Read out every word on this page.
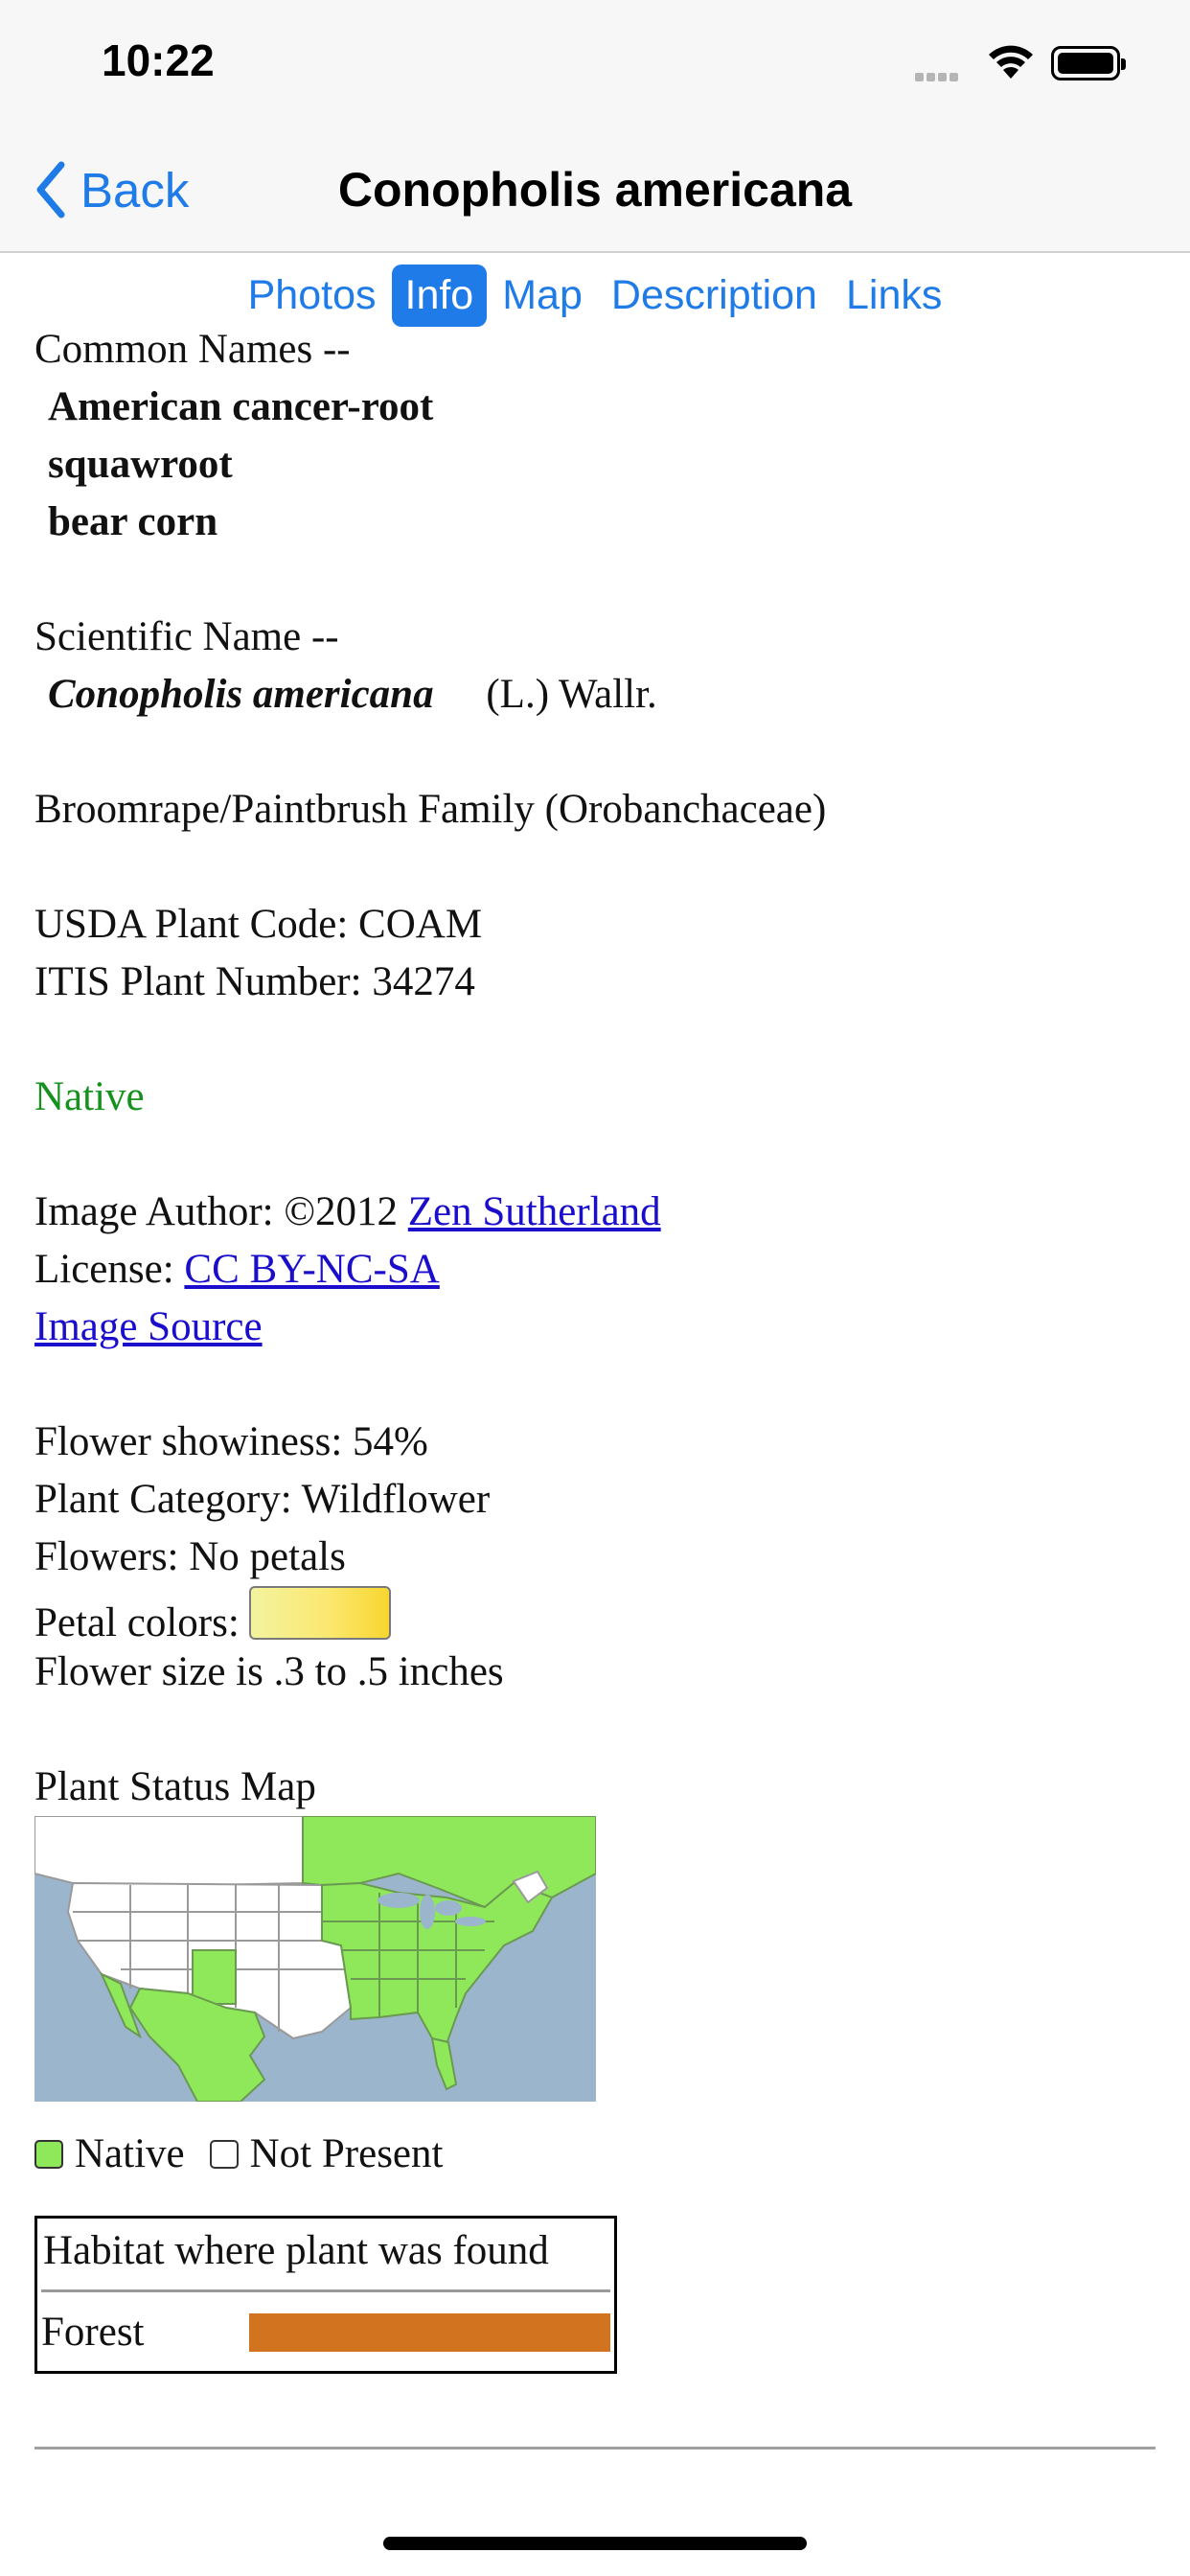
10:22
Back	Conopholis americana
Photos Info Map Description Links
Common Names --
American cancer-root
squawroot
bear corn
Scientific Name --
Conopholis americana (L.) Wallr.
Broomrape/Paintbrush Family (Orobanchaceae)
USDA Plant Code: COAM
ITIS Plant Number: 34274
Native
Image Author: ©2012 Zen Sutherland
License: CC BY-NC-SA
Image Source
Flower showiness: 54%
Plant Category: Wildflower
Flowers: No petals
Petal colors:
Flower size is .3 to .5 inches
Plant Status Map
Native Not Present
Habitat where plant was found
Forest
